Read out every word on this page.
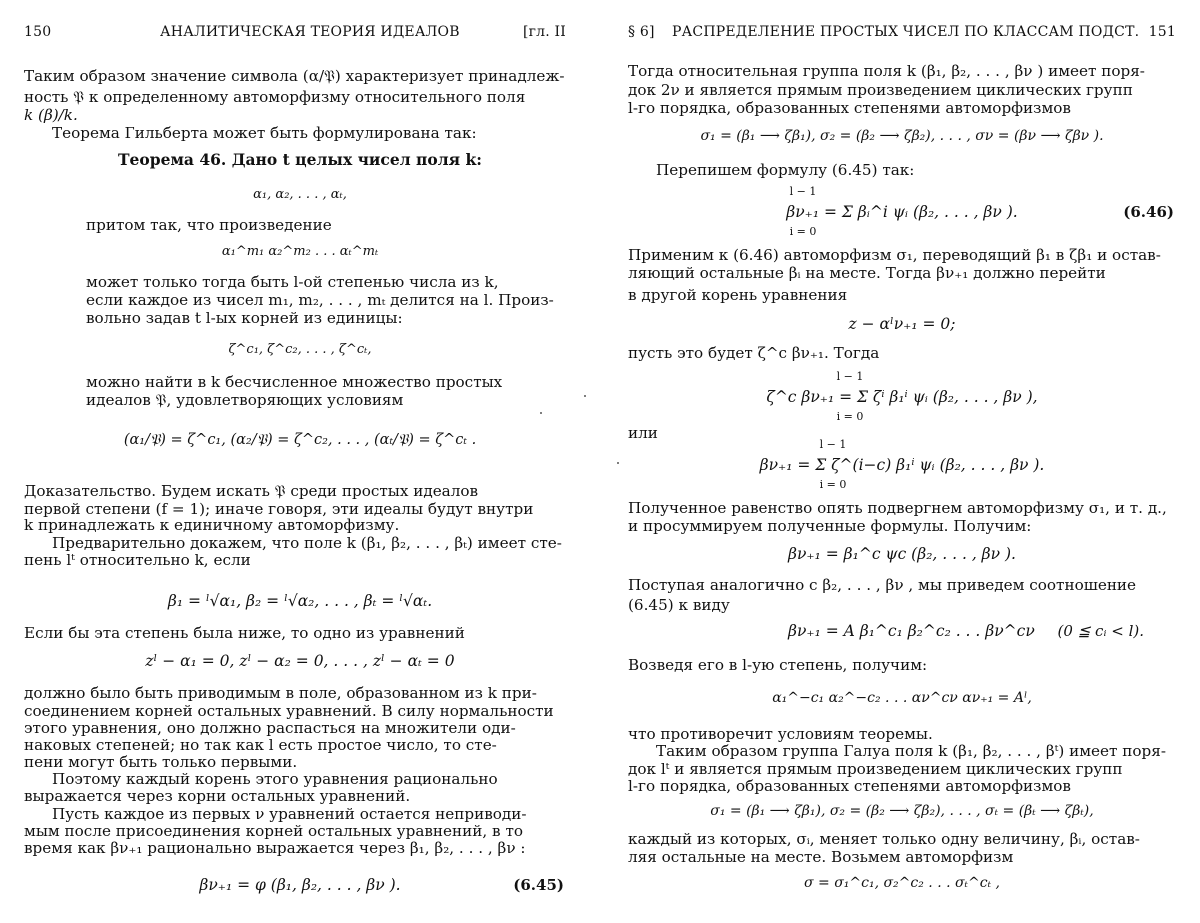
150	АНАЛИТИЧЕСКАЯ ТЕОРИЯ ИДЕАЛОВ	[гл. II
Таким образом значение символа (α/𝔓) характеризует принадлеж-
ность 𝔓 к определенному автоморфизму относительного поля
k (β)/k.
Теорема Гильберта может быть формулирована так:
Теорема 46. Дано t целых чисел поля k:
α₁, α₂, . . . , αₜ,
притом так, что произведение
α₁^m₁ α₂^m₂ . . . αₜ^mₜ
может только тогда быть l-ой степенью числа из k,
если каждое из чисел m₁, m₂, . . . , mₜ делится на l. Произ-
вольно задав t l-ых корней из единицы:
ζ^c₁, ζ^c₂, . . . , ζ^cₜ,
можно найти в k бесчисленное множество простых
идеалов 𝔓, удовлетворяющих условиям
(α₁/𝔓) = ζ^c₁, (α₂/𝔓) = ζ^c₂, . . . , (αₜ/𝔓) = ζ^cₜ .
Доказательство. Будем искать 𝔓 среди простых идеалов
первой степени (f = 1); иначе говоря, эти идеалы будут внутри
k принадлежать к единичному автоморфизму.
Предварительно докажем, что поле k (β₁, β₂, . . . , βₜ) имеет сте-
пень lᵗ относительно k, если
β₁ = ˡ√α₁, β₂ = ˡ√α₂, . . . , βₜ = ˡ√αₜ.
Если бы эта степень была ниже, то одно из уравнений
zˡ − α₁ = 0, zˡ − α₂ = 0, . . . , zˡ − αₜ = 0
должно было быть приводимым в поле, образованном из k при-
соединением корней остальных уравнений. В силу нормальности
этого уравнения, оно должно распасться на множители оди-
наковых степеней; но так как l есть простое число, то сте-
пени могут быть только первыми.
Поэтому каждый корень этого уравнения рационально
выражается через корни остальных уравнений.
Пусть каждое из первых ν уравнений остается неприводи-
мым после присоединения корней остальных уравнений, в то
время как βν₊₁ рационально выражается через β₁, β₂, . . . , βν :
βν₊₁ = φ (β₁, β₂, . . . , βν ).	(6.45)
§ 6] РАСПРЕДЕЛЕНИЕ ПРОСТЫХ ЧИСЕЛ ПО КЛАССАМ ПОДСТ. 151
Тогда относительная группа поля k (β₁, β₂, . . . , βν ) имеет поря-
док 2ν и является прямым произведением циклических групп
l-го порядка, образованных степенями автоморфизмов
σ₁ = (β₁ ⟶ ζβ₁), σ₂ = (β₂ ⟶ ζβ₂), . . . , σν = (βν ⟶ ζβν ).
Перепишем формулу (6.45) так:
l − 1
βν₊₁ = Σ βᵢ^i ψᵢ (β₂, . . . , βν ).
i = 0
(6.46)
Применим к (6.46) автоморфизм σ₁, переводящий β₁ в ζβ₁ и остав-
ляющий остальные βᵢ на месте. Тогда βν₊₁ должно перейти
в другой корень уравнения
z − αˡν₊₁ = 0;
пусть это будет ζ^c βν₊₁. Тогда
l − 1
ζ^c βν₊₁ = Σ ζⁱ β₁ⁱ ψᵢ (β₂, . . . , βν ),
i = 0
или
l − 1
βν₊₁ = Σ ζ^(i−c) β₁ⁱ ψᵢ (β₂, . . . , βν ).
i = 0
Полученное равенство опять подвергнем автоморфизму σ₁, и т. д.,
и просуммируем полученные формулы. Получим:
βν₊₁ = β₁^c ψc (β₂, . . . , βν ).
Поступая аналогично с β₂, . . . , βν , мы приведем соотношение
(6.45) к виду
βν₊₁ = A β₁^c₁ β₂^c₂ . . . βν^cν	(0 ≦ cᵢ < l).
Возведя его в l-ую степень, получим:
α₁^−c₁ α₂^−c₂ . . . αν^cν αν₊₁ = Aˡ,
что противоречит условиям теоремы.
Таким образом группа Галуа поля k (β₁, β₂, . . . , βᵗ) имеет поря-
док lᵗ и является прямым произведением циклических групп
l-го порядка, образованных степенями автоморфизмов
σ₁ = (β₁ ⟶ ζβ₁), σ₂ = (β₂ ⟶ ζβ₂), . . . , σₜ = (βₜ ⟶ ζβₜ),
каждый из которых, σᵢ, меняет только одну величину, βᵢ, остав-
ляя остальные на месте. Возьмем автоморфизм
σ = σ₁^c₁, σ₂^c₂ . . . σₜ^cₜ ,
